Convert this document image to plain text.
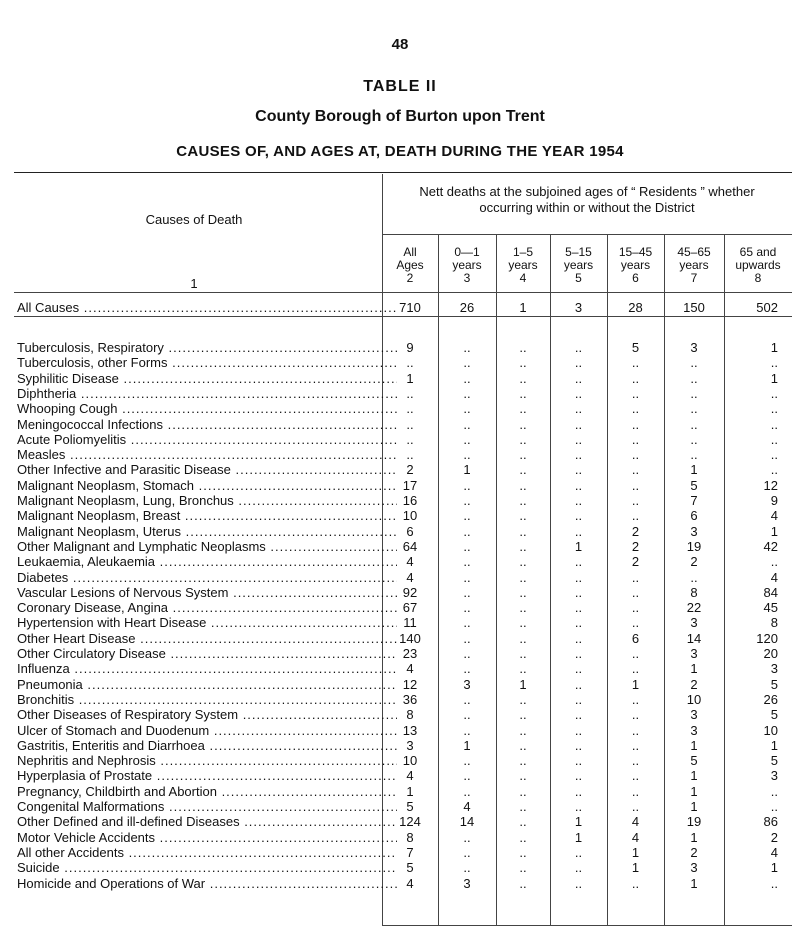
48
TABLE II
County Borough of Burton upon Trent
CAUSES OF, AND AGES AT, DEATH DURING THE YEAR 1954
Causes of Death
1
Nett deaths at the subjoined ages of “ Residents ” whether
occurring within or without the District
All
Ages
2
0—1
years
3
1–5
years
4
5–15
years
5
15–45
years
6
45–65
years
7
65 and
upwards
8
All Causes .....	710	26	1	3	28	150	502
Tuberculosis, Respiratory .....	9	..	..	..	5	3	1
Tuberculosis, other Forms .....	..	..	..	..	..	..	..
Syphilitic Disease .....	1	..	..	..	..	..	1
Diphtheria .....	..	..	..	..	..	..	..
Whooping Cough .....	..	..	..	..	..	..	..
Meningococcal Infections .....	..	..	..	..	..	..	..
Acute Poliomyelitis .....	..	..	..	..	..	..	..
Measles .....	..	..	..	..	..	..	..
Other Infective and Parasitic Disease .....	2	1	..	..	..	1	..
Malignant Neoplasm, Stomach .....	17	..	..	..	..	5	12
Malignant Neoplasm, Lung, Bronchus .....	16	..	..	..	..	7	9
Malignant Neoplasm, Breast .....	10	..	..	..	..	6	4
Malignant Neoplasm, Uterus .....	6	..	..	..	2	3	1
Other Malignant and Lymphatic Neoplasms .....	64	..	..	1	2	19	42
Leukaemia, Aleukaemia .....	4	..	..	..	2	2	..
Diabetes .....	4	..	..	..	..	..	4
Vascular Lesions of Nervous System .....	92	..	..	..	..	8	84
Coronary Disease, Angina .....	67	..	..	..	..	22	45
Hypertension with Heart Disease .....	11	..	..	..	..	3	8
Other Heart Disease .....	140	..	..	..	6	14	120
Other Circulatory Disease .....	23	..	..	..	..	3	20
Influenza .....	4	..	..	..	..	1	3
Pneumonia .....	12	3	1	..	1	2	5
Bronchitis .....	36	..	..	..	..	10	26
Other Diseases of Respiratory System .....	8	..	..	..	..	3	5
Ulcer of Stomach and Duodenum .....	13	..	..	..	..	3	10
Gastritis, Enteritis and Diarrhoea .....	3	1	..	..	..	1	1
Nephritis and Nephrosis .....	10	..	..	..	..	5	5
Hyperplasia of Prostate .....	4	..	..	..	..	1	3
Pregnancy, Childbirth and Abortion .....	1	..	..	..	..	1	..
Congenital Malformations .....	5	4	..	..	..	1	..
Other Defined and ill-defined Diseases .....	124	14	..	1	4	19	86
Motor Vehicle Accidents .....	8	..	..	1	4	1	2
All other Accidents .....	7	..	..	..	1	2	4
Suicide .....	5	..	..	..	1	3	1
Homicide and Operations of War .....	4	3	..	..	..	1	..
